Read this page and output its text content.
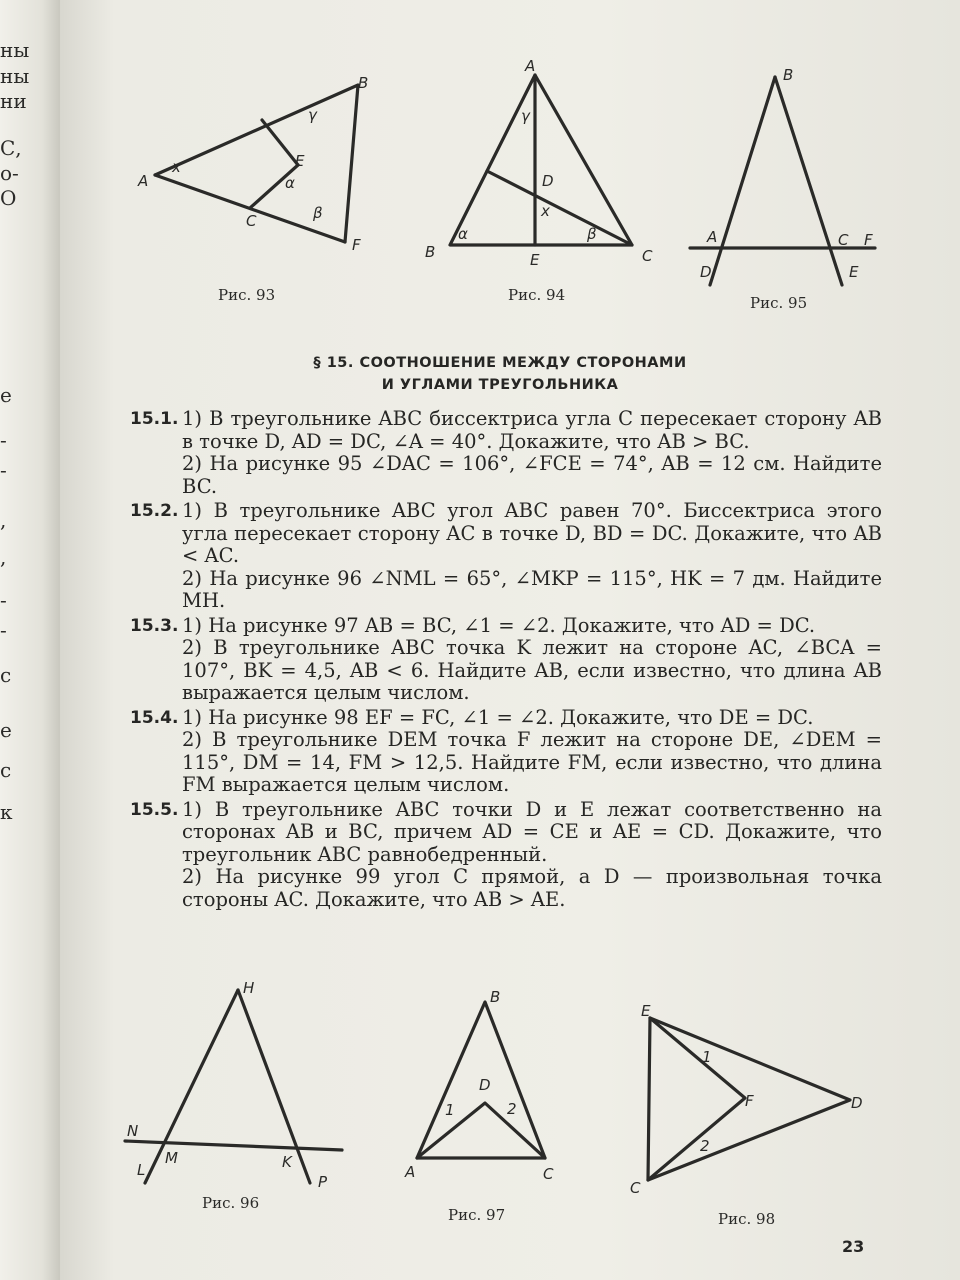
ны
ны
ни
С,
о-
О
е
-
-
,
,
-
-
с
е
с
к
A
B
C
E
F
x
γ
α
β
Рис. 93
A
B	C
D
E
γ
x
α	β
Рис. 94
B
A	C F
D	E
Рис. 95
§ 15. СООТНОШЕНИЕ МЕЖДУ СТОРОНАМИ
И УГЛАМИ ТРЕУГОЛЬНИКА
15.1. 1) В треугольнике ABC биссектриса угла C пересекает сторону AB в точке D, AD = DC, ∠A = 40°. Докажите, что AB > BC.
2) На рисунке 95 ∠DAC = 106°, ∠FCE = 74°, AB = 12 см. Найдите BC.
15.2. 1) В треугольнике ABC угол ABC равен 70°. Биссектриса этого угла пересекает сторону AC в точке D, BD = DC. Докажите, что AB < AC.
2) На рисунке 96 ∠NML = 65°, ∠MKP = 115°, HK = 7 дм. Найдите MH.
15.3. 1) На рисунке 97 AB = BC, ∠1 = ∠2. Докажите, что AD = DC.
2) В треугольнике ABC точка K лежит на стороне AC, ∠BCA = 107°, BK = 4,5, AB < 6. Найдите AB, если известно, что длина AB выражается целым числом.
15.4. 1) На рисунке 98 EF = FC, ∠1 = ∠2. Докажите, что DE = DC.
2) В треугольнике DEM точка F лежит на стороне DE, ∠DEM = 115°, DM = 14, FM > 12,5. Найдите FM, если известно, что длина FM выражается целым числом.
15.5. 1) В треугольнике ABC точки D и E лежат соответственно на сторонах AB и BC, причем AD = CE и AE = CD. Докажите, что треугольник ABC равнобедренный.
2) На рисунке 99 угол C прямой, а D — произвольная точка стороны AC. Докажите, что AB > AE.
H
N
M
L	K
P
Рис. 96
B
D
1	2
A	C
Рис. 97
E
1
F	D
2
C
Рис. 98
23
